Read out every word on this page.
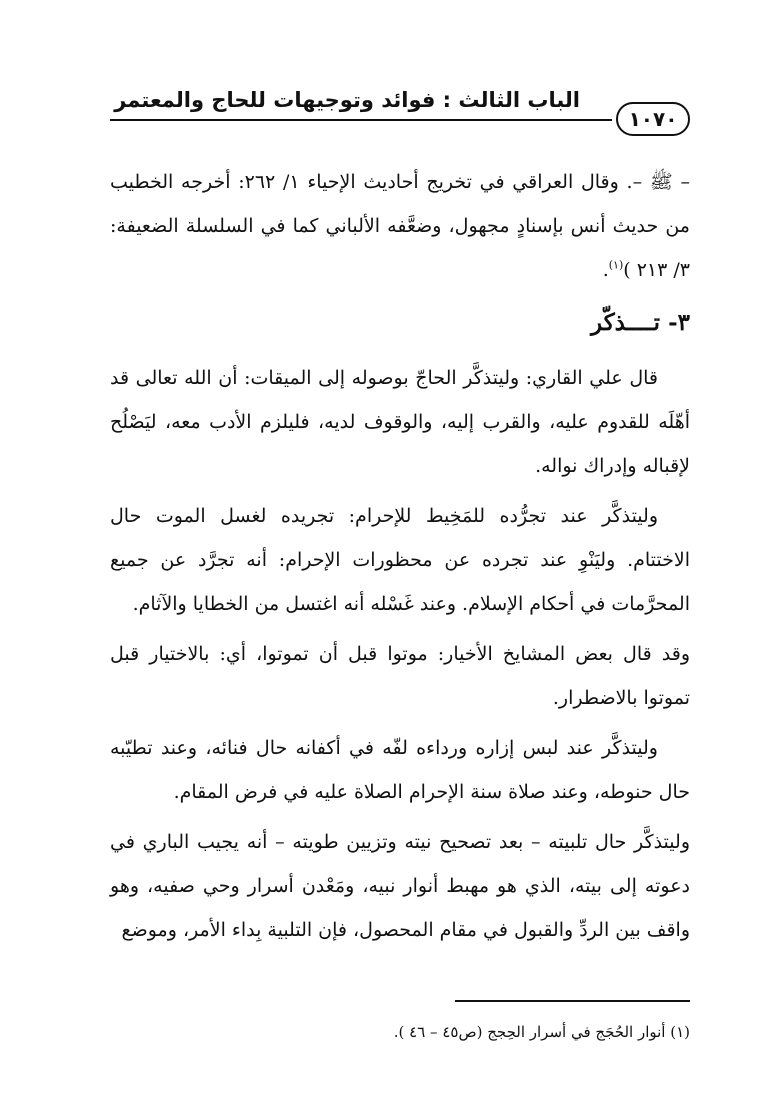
الباب الثالث : فوائد وتوجيهات للحاج والمعتمر
١٠٧٠

– ﷺ –. وقال العراقي في تخريج أحاديث الإحياء ١/ ٢٦٢: أخرجه الخطيب من حديث أنس بإسنادٍ مجهول، وضعَّفه الألباني كما في السلسلة الضعيفة: ٣/ ٢١٣ )$^{(١)}$.

٣- تــــذكّر

قال علي القاري: وليتذكَّر الحاجّ بوصوله إلى الميقات: أن الله تعالى قد أهّلَه للقدوم عليه، والقرب إليه، والوقوف لديه، فليلزم الأدب معه، ليَصْلُح لإقباله وإدراك نواله.

وليتذكَّر عند تجرُّده للمَخِيط للإحرام: تجريده لغسل الموت حال الاختتام. وليَنْوِ عند تجرده عن محظورات الإحرام: أنه تجرَّد عن جميع المحرَّمات في أحكام الإسلام. وعند غَسْله أنه اغتسل من الخطايا والآثام.

وقد قال بعض المشايخ الأخيار: موتوا قبل أن تموتوا، أي: بالاختيار قبل تموتوا بالاضطرار.

وليتذكَّر عند لبس إزاره ورداءه لفّه في أكفانه حال فنائه، وعند تطيّبه حال حنوطه، وعند صلاة سنة الإحرام الصلاة عليه في فرض المقام.

وليتذكَّر حال تلبيته – بعد تصحيح نيته وتزيين طويته – أنه يجيب الباري في دعوته إلى بيته، الذي هو مهبط أنوار نبيه، ومَعْدن أسرار وحي صفيه، وهو واقف بين الردِّ والقبول في مقام المحصول، فإن التلبية بِداء الأمر، وموضع

(١) أنوار الحُجَج في أسرار الحِجج (ص٤٥ – ٤٦ ).
